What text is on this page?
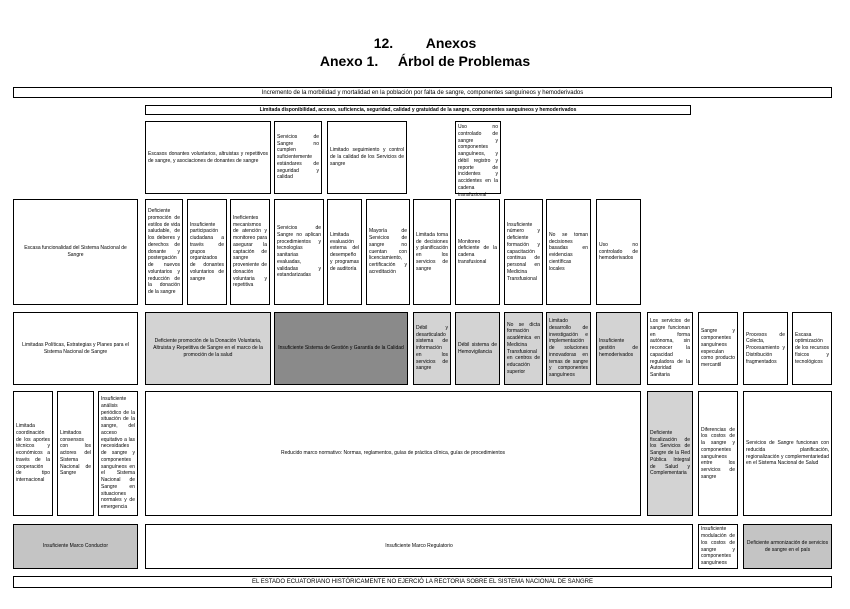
12. Anexos
Anexo 1. Árbol de Problemas
Incremento de la morbilidad y mortalidad en la población por falta de sangre, componentes sanguíneos y hemoderivados
Limitada disponibilidad, acceso, suficiencia, seguridad, calidad y gratuidad de la sangre, componentes sanguíneos y hemoderivados
Escasos donantes voluntarios, altruistas y repetitivos de sangre, y asociaciones de donantes de sangre
Servicios de Sangre no cumplen suficientemente estándares de seguridad y calidad
Limitado seguimiento y control de la calidad de los Servicios de sangre
Uso no controlado de sangre y componentes sanguíneos, y débil registro y reporte de incidentes y accidentes en la cadena transfusional
Escasa funcionalidad del Sistema Nacional de Sangre
Deficiente promoción de estilos de vida saludable, de los deberes y derechos de donante y postergación de nuevos voluntarios y reducción de la donación de la sangre
Insuficiente participación ciudadana a través de grupos organizados de donantes voluntarios de sangre
Ineficientes mecanismos de atención y monitoreo para asegurar la captación de sangre proveniente de donación voluntaria y repetitiva
Servicios de Sangre no aplican procedimientos y tecnologías sanitarias evaluadas, validadas y estandarizadas
Limitada evaluación externa del desempeño y programas de auditoría
Mayoría de Servicios de sangre no cuentan con licenciamiento, certificación y acreditación
Limitada toma de decisiones y planificación en los servicios de sangre
Monitoreo deficiente de la cadena transfusional
Insuficiente número y deficiente formación y capacitación continua de personal en Medicina Transfusional
No se toman decisiones basadas en evidencias científicas locales
Uso no controlado de hemoderivados
Limitadas Políticas, Estrategias y Planes para el Sistema Nacional de Sangre
Deficiente promoción de la Donación Voluntaria, Altruista y Repetitiva de Sangre en el marco de la promoción de la salud
Insuficiente Sistema de Gestión y Garantía de la Calidad
Débil y desarticulado sistema de información en los servicios de sangre
Débil sistema de Hemovigilancia
No se dicta formación académica en Medicina Transfusional en centros de educación superior
Limitado desarrollo de investigación e implementación de soluciones innovadoras en temas de sangre y componentes sanguíneos
Insuficiente gestión de hemoderivados
Los servicios de sangre funcionan en forma autónoma, sin reconocer la capacidad reguladora de la Autoridad Sanitaria
Sangre y componentes sanguíneos especulan como producto mercantil
Procesos de Colecta, Procesamiento y Distribución fragmentados
Escasa optimización de los recursos físicos y tecnológicos
Limitada coordinación de los aportes técnicos y económicos a través de la cooperación de tipo internacional
Limitados consensos con los actores del Sistema Nacional de Sangre
Insuficiente análisis periódico de la situación de la sangre, del acceso equitativo a las necesidades de sangre y componentes sanguíneos en el Sistema Nacional de Sangre en situaciones normales y de emergencia
Reducido marco normativo: Normas, reglamentos, guías de práctica clínica, guías de procedimientos
Deficiente fiscalización de los Servicios de Sangre de la Red Pública Integral de Salud y Complementaria
Diferencias de los costos de la sangre y componentes sanguíneos entre los servicios de sangre
Servicios de Sangre funcionan con reducida planificación, regionalización y complementariedad en el Sistema Nacional de Salud
Insuficiente Marco Conductor	Insuficiente Marco Regulatorio
Insuficiente modulación de los costos de sangre y componentes sanguíneos
Deficiente armonización de servicios de sangre en el país
EL ESTADO ECUATORIANO HISTÓRICAMENTE NO EJERCIÓ LA RECTORIA SOBRE EL SISTEMA NACIONAL DE SANGRE
